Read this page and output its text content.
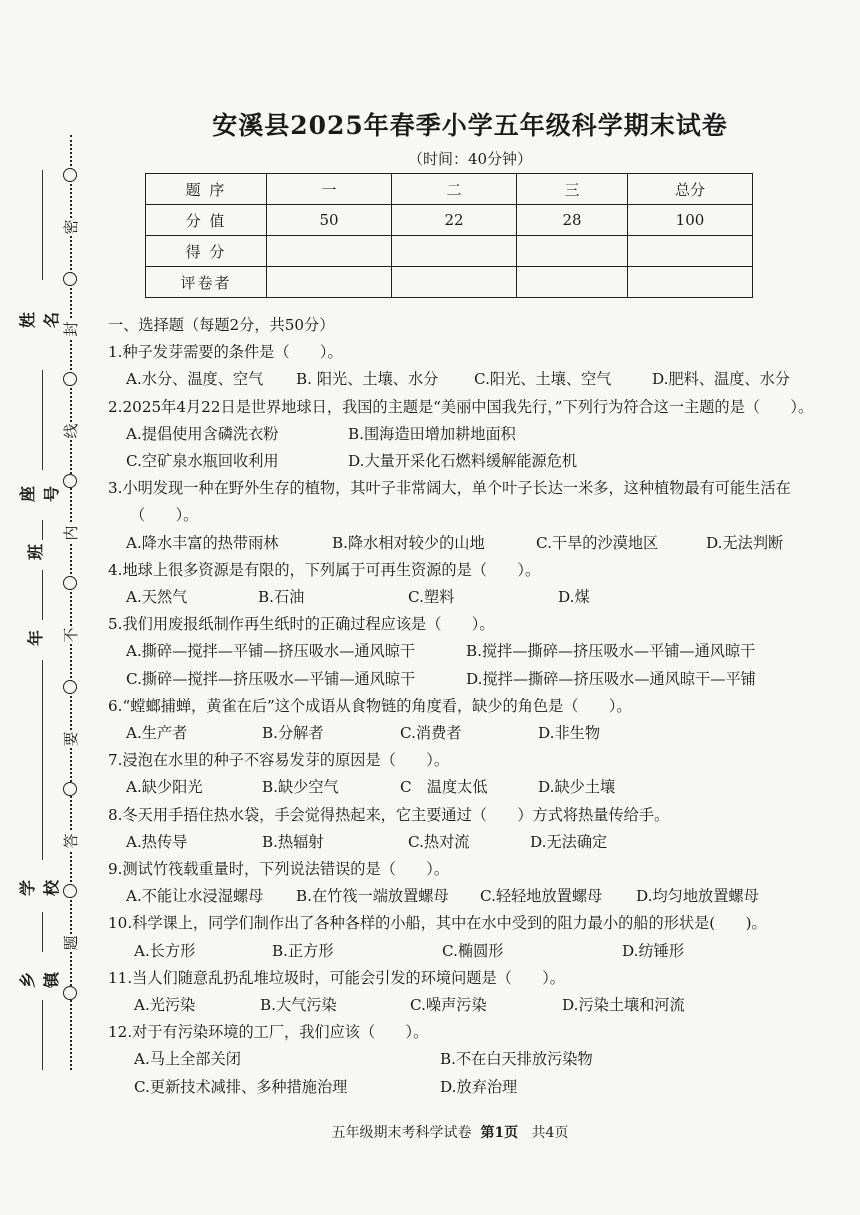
密
封
线
内
不
要
答
题
姓名
座号
班
年
学校
乡镇
安溪县2025年春季小学五年级科学期末试卷
（时间：40分钟）
题 序	一	二	三	总分
分 值	50	22	28	100
得 分				
评卷者				
一、选择题（每题2分，共50分）
1.种子发芽需要的条件是（　　）。
A.水分、温度、空气	B. 阳光、土壤、水分	C.阳光、土壤、空气	D.肥料、温度、水分
2.2025年4月22日是世界地球日，我国的主题是“美丽中国我先行，”下列行为符合这一主题的是（　　）。
A.提倡使用含磷洗衣粉	B.围海造田增加耕地面积
C.空矿泉水瓶回收利用	D.大量开采化石燃料缓解能源危机
3.小明发现一种在野外生存的植物，其叶子非常阔大，单个叶子长达一米多，这种植物最有可能生活在（　　）。
A.降水丰富的热带雨林	B.降水相对较少的山地	C.干旱的沙漠地区	D.无法判断
4.地球上很多资源是有限的，下列属于可再生资源的是（　　）。
A.天然气	B.石油	C.塑料	D.煤
5.我们用废报纸制作再生纸时的正确过程应该是（　　）。
A.撕碎—搅拌—平铺—挤压吸水—通风晾干	B.搅拌—撕碎—挤压吸水—平铺—通风晾干
C.撕碎—搅拌—挤压吸水—平铺—通风晾干	D.搅拌—撕碎—挤压吸水—通风晾干—平铺
6.“螳螂捕蝉，黄雀在后”这个成语从食物链的角度看，缺少的角色是（　　）。
A.生产者	B.分解者	C.消费者	D.非生物
7.浸泡在水里的种子不容易发芽的原因是（　　）。
A.缺少阳光	B.缺少空气	C　温度太低	D.缺少土壤
8.冬天用手捂住热水袋，手会觉得热起来，它主要通过（　　）方式将热量传给手。
A.热传导	B.热辐射	C.热对流	D.无法确定
9.测试竹筏载重量时，下列说法错误的是（　　）。
A.不能让水浸湿螺母	B.在竹筏一端放置螺母	C.轻轻地放置螺母	D.均匀地放置螺母
10.科学课上，同学们制作出了各种各样的小船，其中在水中受到的阻力最小的船的形状是(　　)。
A.长方形	B.正方形	C.椭圆形	D.纺锤形
11.当人们随意乱扔乱堆垃圾时，可能会引发的环境问题是（　　）。
A.光污染	B.大气污染	C.噪声污染	D.污染土壤和河流
12.对于有污染环境的工厂，我们应该（　　）。
A.马上全部关闭	B.不在白天排放污染物
C.更新技术减排、多种措施治理	D.放弃治理
五年级期末考科学试卷 第1页 共4页
